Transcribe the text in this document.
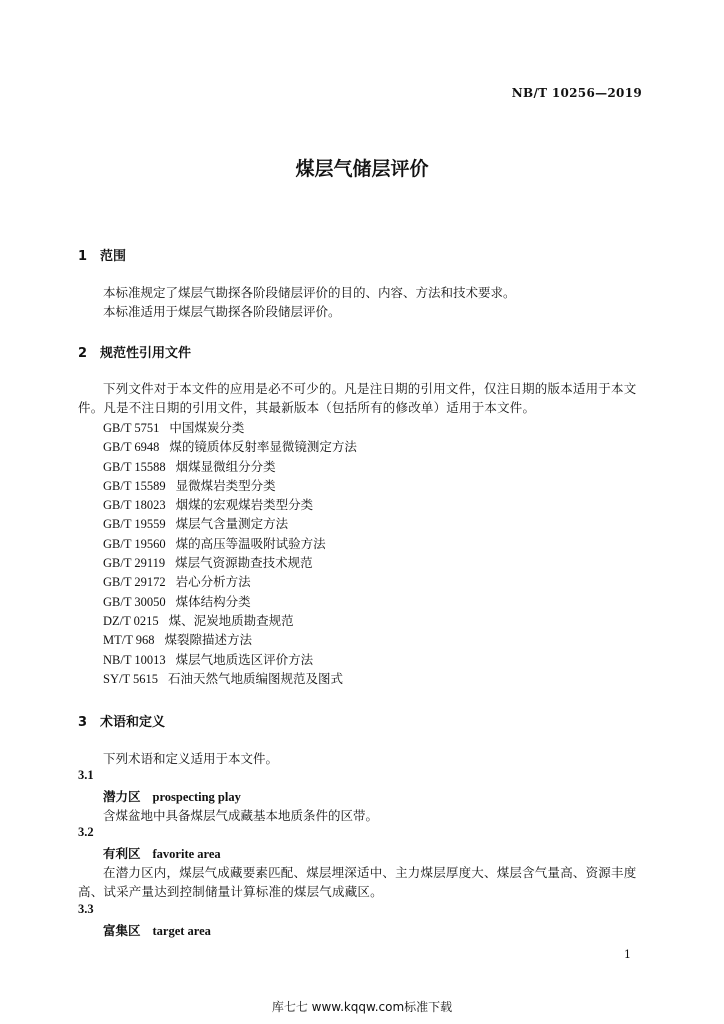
NB/T 10256—2019
煤层气储层评价
1 范围
本标准规定了煤层气勘探各阶段储层评价的目的、内容、方法和技术要求。
本标准适用于煤层气勘探各阶段储层评价。
2 规范性引用文件
下列文件对于本文件的应用是必不可少的。凡是注日期的引用文件，仅注日期的版本适用于本文件。凡是不注日期的引用文件，其最新版本（包括所有的修改单）适用于本文件。
GB/T 5751 中国煤炭分类
GB/T 6948 煤的镜质体反射率显微镜测定方法
GB/T 15588 烟煤显微组分分类
GB/T 15589 显微煤岩类型分类
GB/T 18023 烟煤的宏观煤岩类型分类
GB/T 19559 煤层气含量测定方法
GB/T 19560 煤的高压等温吸附试验方法
GB/T 29119 煤层气资源勘查技术规范
GB/T 29172 岩心分析方法
GB/T 30050 煤体结构分类
DZ/T 0215 煤、泥炭地质勘查规范
MT/T 968 煤裂隙描述方法
NB/T 10013 煤层气地质选区评价方法
SY/T 5615 石油天然气地质编图规范及图式
3 术语和定义
下列术语和定义适用于本文件。
3.1
潜力区 prospecting play
含煤盆地中具备煤层气成藏基本地质条件的区带。
3.2
有利区 favorite area
在潜力区内，煤层气成藏要素匹配、煤层埋深适中、主力煤层厚度大、煤层含气量高、资源丰度高、试采产量达到控制储量计算标准的煤层气成藏区。
3.3
富集区 target area
1
库七七 www.kqqw.com标准下载
